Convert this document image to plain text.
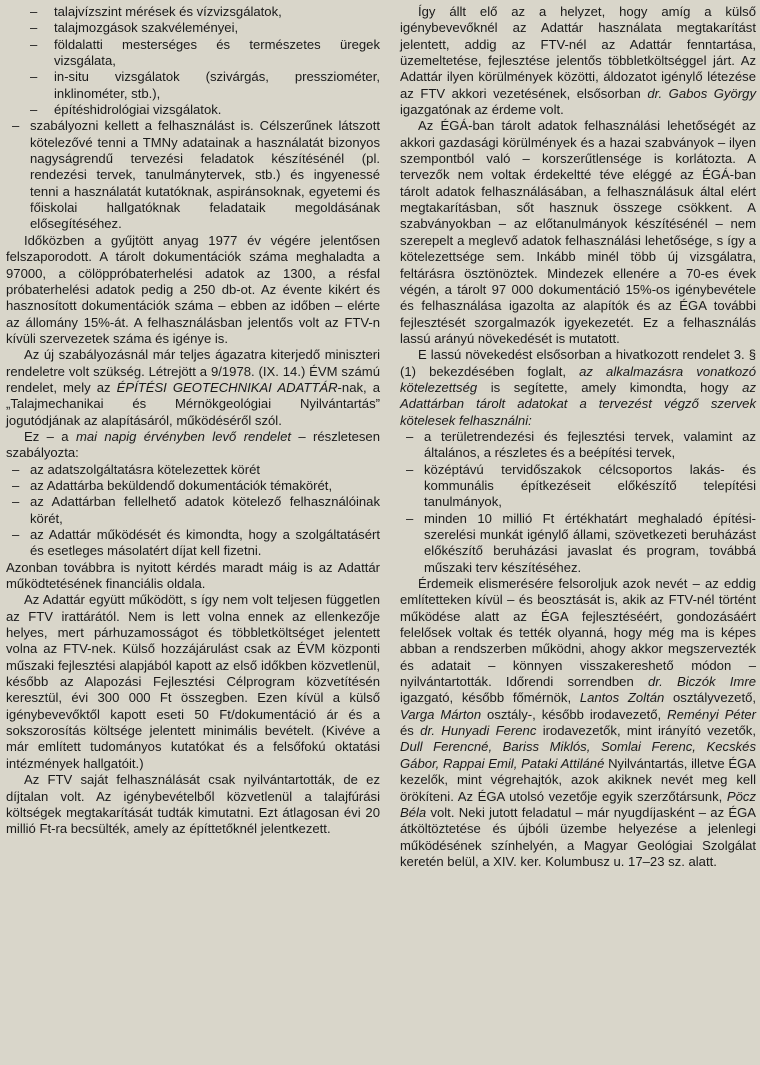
– talajvízszint mérések és vízvizsgálatok,

– talajmozgások szakvéleményei,

– földalatti mesterséges és természetes üregek vizsgálata,

– in-situ vizsgálatok (szivárgás, pressziométer, inklinométer, stb.),

– építéshidrológiai vizsgálatok.

– szabályozni kellett a felhasználást is. Célszerűnek látszott kötelezővé tenni a TMNy adatainak a használatát bizonyos nagyságrendű tervezési feladatok készítésénél (pl. rendezési tervek, tanulmánytervek, stb.) és ingyenessé tenni a használatát kutatóknak, aspiránsoknak, egyetemi és főiskolai hallgatóknak feladataik megoldásának elősegítéséhez.

Időközben a gyűjtött anyag 1977 év végére jelentősen felszaporodott. A tárolt dokumentációk száma meghaladta a 97000, a cölöppróbaterhelési adatok az 1300, a résfal próbaterhelési adatok pedig a 250 db-ot. Az évente kikért és hasznosított dokumentációk száma – ebben az időben – elérte az állomány 15%-át. A felhasználásban jelentős volt az FTV-n kívüli szervezetek száma és igénye is.

Az új szabályozásnál már teljes ágazatra kiterjedő miniszteri rendeletre volt szükség. Létrejött a 9/1978. (IX. 14.) ÉVM számú rendelet, mely az ÉPÍTÉSI GEOTECHNIKAI ADATTÁR-nak, a „Talajmechanikai és Mérnökgeológiai Nyilvántartás” jogutódjának az alapításáról, működéséről szól.

Ez – a mai napig érvényben levő rendelet – részletesen szabályozta:

– az adatszolgáltatásra kötelezettek körét

– az Adattárba beküldendő dokumentációk témakörét,

– az Adattárban fellelhető adatok kötelező felhasználóinak körét,

– az Adattár működését és kimondta, hogy a szolgáltatásért és esetleges másolatért díjat kell fizetni.

Azonban továbbra is nyitott kérdés maradt máig is az Adattár működtetésének financiális oldala.

Az Adattár együtt működött, s így nem volt teljesen független az FTV irattárától. Nem is lett volna ennek az ellenkezője helyes, mert párhuzamosságot és többletköltséget jelentett volna az FTV-nek. Külső hozzájárulást csak az ÉVM központi műszaki fejlesztési alapjából kapott az első időkben közvetlenül, később az Alapozási Fejlesztési Célprogram közvetítésén keresztül, évi 300 000 Ft összegben. Ezen kívül a külső igénybevevőktől kapott eseti 50 Ft/dokumentáció ár és a sokszorosítás költsége jelentett minimális bevételt. (Kivéve a már említett tudományos kutatókat és a felsőfokú oktatási intézmények hallgatóit.)

Az FTV saját felhasználását csak nyilvántartották, de ez díjtalan volt. Az igénybevételből közvetlenül a talajfúrási költségek megtakarítását tudták kimutatni. Ezt átlagosan évi 20 millió Ft-ra becsülték, amely az építtetőknél jelentkezett.

Így állt elő az a helyzet, hogy amíg a külső igénybevevőknél az Adattár használata megtakarítást jelentett, addig az FTV-nél az Adattár fenntartása, üzemeltetése, fejlesztése jelentős többletköltséggel járt. Az Adattár ilyen körülmények közötti, áldozatot igénylő létezése az FTV akkori vezetésének, elsősorban dr. Gabos György igazgatónak az érdeme volt.

Az ÉGÁ-ban tárolt adatok felhasználási lehetőségét az akkori gazdasági körülmények és a hazai szabványok – ilyen szempontból való – korszerűtlensége is korlátozta. A tervezők nem voltak érdekeltté téve eléggé az ÉGÁ-ban tárolt adatok felhasználásában, a felhasználásuk által elért megtakarításban, sőt hasznuk összege csökkent. A szabványokban – az előtanulmányok készítésénél – nem szerepelt a meglevő adatok felhasználási lehetősége, s így a kötelezettsége sem. Inkább minél több új vizsgálatra, feltárásra ösztönöztek. Mindezek ellenére a 70-es évek végén, a tárolt 97 000 dokumentáció 15%-os igénybevétele és felhasználása igazolta az alapítók és az ÉGA további fejlesztését szorgalmazók igyekezetét. Ez a felhasználás lassú arányú növekedését is mutatott.

E lassú növekedést elsősorban a hivatkozott rendelet 3. § (1) bekezdésében foglalt, az alkalmazásra vonatkozó kötelezettség is segítette, amely kimondta, hogy az Adattárban tárolt adatokat a tervezést végző szervek kötelesek felhasználni:

– a területrendezési és fejlesztési tervek, valamint az általános, a részletes és a beépítési tervek,

– középtávú tervidőszakok célcsoportos lakás- és kommunális építkezéseit előkészítő telepítési tanulmányok,

– minden 10 millió Ft értékhatárt meghaladó építési-szerelési munkát igénylő állami, szövetkezeti beruházást előkészítő beruházási javaslat és program, továbbá műszaki terv készítéséhez.

Érdemeik elismerésére felsoroljuk azok nevét – az eddig említetteken kívül – és beosztását is, akik az FTV-nél történt működése alatt az ÉGA fejlesztéséért, gondozásáért felelősek voltak és tették olyanná, hogy még ma is képes abban a rendszerben működni, ahogy akkor megszervezték és adatait – könnyen visszakereshető módon – nyilvántartották. Időrendi sorrendben dr. Biczók Imre igazgató, később főmérnök, Lantos Zoltán osztályvezető, Varga Márton osztály-, később irodavezető, Reményi Péter és dr. Hunyadi Ferenc irodavezetők, mint irányító vezetők, Dull Ferencné, Bariss Miklós, Somlai Ferenc, Kecskés Gábor, Rappai Emil, Pataki Attiláné Nyilvántartás, illetve ÉGA kezelők, mint végrehajtók, azok akiknek nevét meg kell örökíteni. Az ÉGA utolsó vezetője egyik szerzőtársunk, Pöcz Béla volt. Neki jutott feladatul – már nyugdíjasként – az ÉGA átköltöztetése és újbóli üzembe helyezése a jelenlegi működésének színhelyén, a Magyar Geológiai Szolgálat keretén belül, a XIV. ker. Kolumbusz u. 17–23 sz. alatt.
